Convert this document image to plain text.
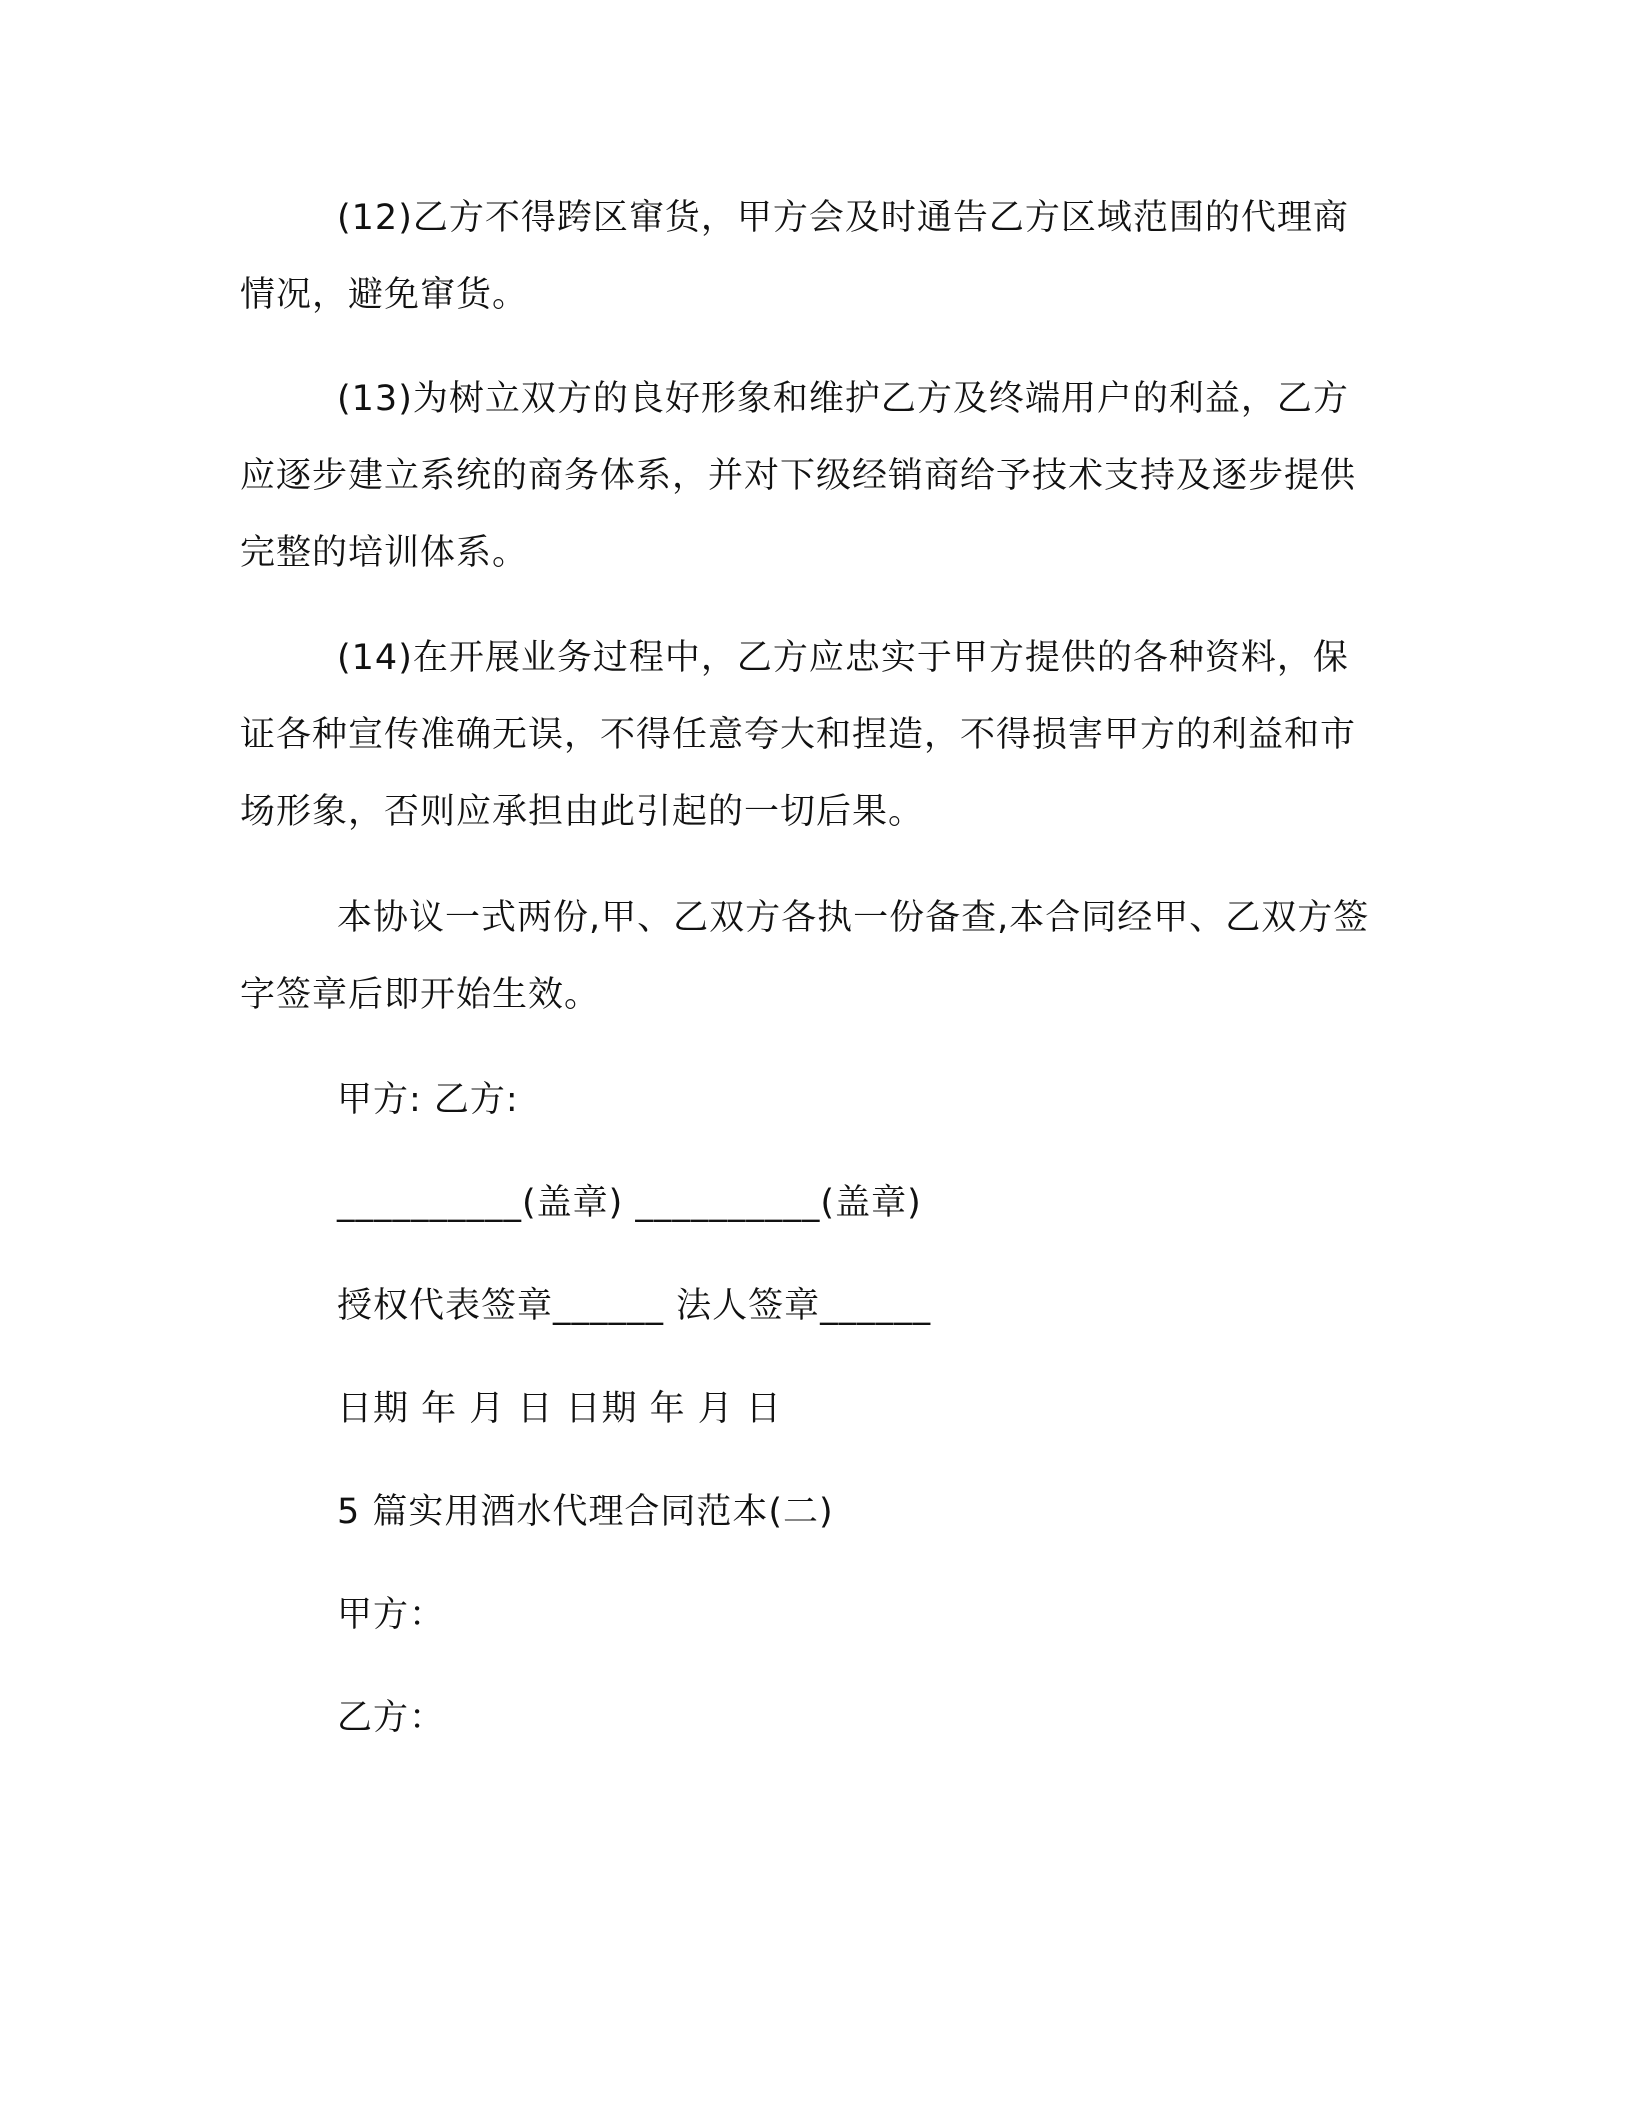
(12)乙方不得跨区窜货，甲方会及时通告乙方区域范围的代理商情况，避免窜货。

(13)为树立双方的良好形象和维护乙方及终端用户的利益，乙方应逐步建立系统的商务体系，并对下级经销商给予技术支持及逐步提供完整的培训体系。

(14)在开展业务过程中，乙方应忠实于甲方提供的各种资料，保证各种宣传准确无误，不得任意夸大和捏造，不得损害甲方的利益和市场形象，否则应承担由此引起的一切后果。

本协议一式两份,甲、乙双方各执一份备查,本合同经甲、乙双方签字签章后即开始生效。

甲方: 乙方:

__________(盖章) __________(盖章)

授权代表签章______ 法人签章______

日期 年 月 日 日期 年 月 日

5 篇实用酒水代理合同范本(二)

甲方：

乙方：
